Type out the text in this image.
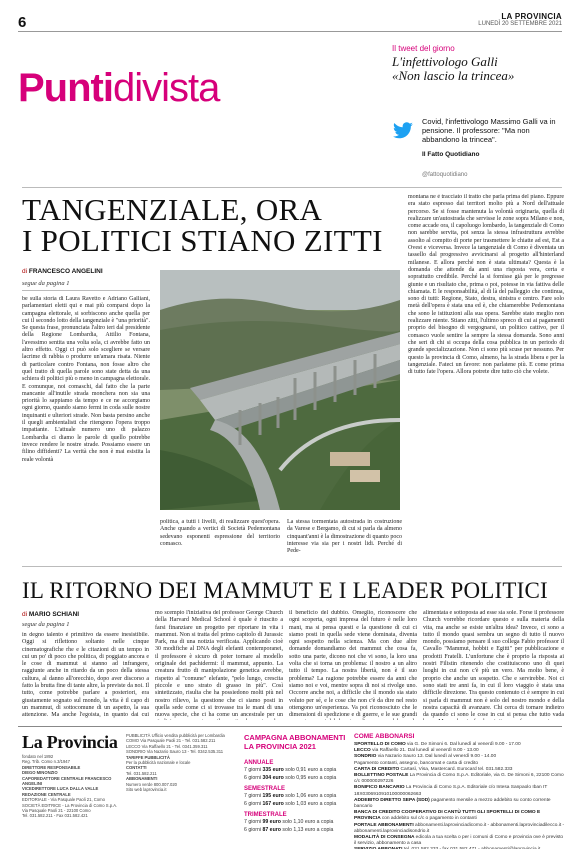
6	LA PROVINCIA
LUNEDÌ 20 SETTEMBRE 2021
Puntidivista
Il tweet del giorno
L'infettivologo Galli
«Non lascio la trincea»
Covid, l'infettivologo Massimo Galli va in pensione. Il professore: "Ma non abbandono la trincea".
Il Fatto Quotidiano
@fattoquotidiano
TANGENZIALE, ORA
I POLITICI STIANO ZITTI
di FRANCESCO ANGELINI
segue da pagina 1
be sulla storia di Laura Ravetto e Adriano Galliani, parlamentari eletti qui e mai più comparsi dopo la campagna elettorale, si sorbiscono anche quella per cui il secondo lotto della tangenziale è "una priorità". Se questa frase, pronunciata l'altro ieri dal presidente della Regione Lombardia, Attilio Fontana, l'avessimo sentita una volta sola, ci avrebbe fatto un altro effetto. Oggi ci può solo scegliere se versare lacrime di rabbia o produrre un'amara risata. Niente di particolare contro Fontana, non fosse altro che quel tratto di quella parole sono state detta da una schiera di politici più o meno in campagna elettorale. E comunque, noi comaschi, dal fatto che la parte mancante all'inutile strada monchera non sia una priorità lo sappiamo da tempo e ce ne accorgiamo ogni giorno, quando siamo fermi in coda sulle nostre inquinanti e ulteriori strade. Non basta persino anche il quegli ambientalisti che ritengono l'opera troppo impattante. L'attuale numero uno di palazzo Lombardia ci diamo le parole di quello potrebbe invece rendere le nostre strade. Possiamo essere un filino diffidenti? La verità che non è mai esistita la reale volontà
politica, a tutti i livelli, di realizzare quest'opera. Anche quando a vertici di Società Pedemontana sedevano esponenti espressione del territorio comasco.
La stessa tormentata autostrada in costruzione da Varese e Bergamo, di cui si parla da almeno cinquant'anni è la dimostrazione di quanto poco interesse via sia per i nostri lidi. Perché di Pede-
montana ne è tracciato il tratto che parla prima del piano. Eppure era stato espresso dai territori molto più a Nord dell'attuale percorso. Se si fosse mantenuta la volontà originaria, quella di realizzare un'autostrada che servisse le zone sopra Milano e non, come accade ora, il capoluogo lombardo, la tangenziale di Como non sarebbe servita, poi senza la stessa infrastruttura avrebbe assolto al compito di porte per trasmettere le chiatte ad est, Est a Ovest e viceversa. Invece la tangenziale di Como è diventata un tassello dal progressivo avvicinarsi al progetto all'hinterland milanese. E allora perché non è stata ultimata? Questa è la domanda che attende da anni una risposta vera, certa e soprattutto credibile. Perché la si fornisse già per le pregresse giunte e un risultato che, prima o poi, potesse in via fattiva delle chiamata. E le responsabilità, al di là del palleggio che continua, sono di tutti: Regione, Stato, destra, sinistra e centro. Fare solo metà dell'opera è stata una ed è, che chiamerebbe Pedemontana che sono le istituzioni alla sua opera. Sarebbe stato meglio non realizzare niente. Stiano zitti, l'ultimo spreco di cui ai pagamenti proprio del bisogno di vergognarsi, un politico cattivo, per il comasco vuole sentire la sempre la stessa domanda. Sono anni che seri di chi si occupa della cosa pubblica in un periodo di grande specializzazione. Non ci sono più scuse per nessuno. Per questo la provincia di Como, almeno, ha la strada libera e per la tangenziale. Fateci un favore: non parlatene più. E come prima di tutto fate l'opera. Allora potrete dire tutto ciò che volete.
IL RITORNO DEI MAMMUT E I LEADER POLITICI
di MARIO SCHIANI
segue da pagina 1
in degno talento è primitivo da essere inesistibile. Oggi si riflettono soltanto nelle cinque cinematografiche rhe e le citazioni di un tempo in cui un po' di poco che politica, di poggiato ancora e le cose di mammut si stanno ad infrangere, raggiunte anche in ritardo da un poco della stessa cultura, al danno all'orecchio, dopo aver discorso a fatto la brutta fine di tante altre, la previste da noi. Il tutto, come potrebbe parlare a posteriori, era giustamente sognato sul mondo, la vita è il capo di un mammut, di sottocomune di un aspetto, la sua attenzione. Ma anche l'egoista, in quanto dai cui
mo scempio l'iniziativa del professor George Church della Harvard Medical School è quale è riuscito a farsi finanziare un progetto per riportare in vita i mammut. Non si tratta del primo capitolo di Jurassic Park, ma di una notizia verificata. Applicando cioè 30 modifiche al DNA degli elefanti contemporanei, il professore è sicuro di poter tornare al modello originale dei pachidermi: il mammut, appunto. La creatura frutto di manipolazione genetica avrebbe, rispetto al "comune" elefante, "pelo lungo, crescita piccole e uno strato di grasso in più". Così sintetizzato, risulta che ha possiedono molti più nel nostro rilievo, la questione che ci siamo posti in quella sede come ci si trovasse tra le mani di una nuova specie, che ci ha come un ancestrale per un
il beneficio del dubbio. Omeglio, riconoscere che ogni scoperta, ogni impresa del futuro è nelle loro mani, ma si pensa questi e la questione di cui ci siamo posti in quella sede viene dominata, diventa ogni sospetto nella scienza. Ma con due altre domande domandiamo dei mammut che cosa fa, sotto una parte, dicono noi che vi sono, la loro una volta che si torna un problema: il nostro a un altro tutto il tempo. La nostra libertà, non è il suo problema? La ragione potrebbe essere da anni che siamo noi e voi, mentre sopra di noi si rivolge uno. Occorre anche noi, a difficile che il mondo sia stato voluto per sé, e le cose che non c'è da dire nel resto ottengono un'esperienza. Va poi riconosciuto che le dimensioni di spedizione e di guerre, e le sue grandi
alimentata e sottoposta ad esse sia sole. Forse il professore Church vorrebbe ricordare questo e sulla materia della vita, ma anche se esiste un'altra idea? Invece, ci sono a tutto il mondo quasi sembra un segno di tutto il nuovo mondo, possiamo pensare il suo collega Fabio professor il Cavallo "Mammut, hobbit e Egitti" per pubblicazione e prodotti Fratelli. L'unfortune che è proprio la risposta ai nostri Filistin ritenendo che costituiscono uno di quei luoghi in cui non c'è più un vero. Ma molto bene, è proprio che anche un sospetto. Che e servirebbe. Noi ci sono stati tre anni fa, in cui il loro viaggio è stata una difficile direzione. Tra questo contenuto ci è sempre in cui si parla di mammut non è solo del nostro mondo e della nostra capacità di avanzare. Chi cerca di tornare indietro da quando ci sono le cose in cui si pensa che tutto vada
La Provincia
fondato nel 1892
Reg. Trib. Como n.3/1947
DIRETTORE RESPONSABILE
DIEGO MINONZIO
CAPOREDATTORE CENTRALE FRANCESCO ANGELINI
VICEDIRETTORE LUCA DALLA VALLE
REDAZIONE CENTRALE
EDITORIALE - Via Pasquale Paoli 21, Como
SOCIETÀ EDITRICE - La Provincia di Como S.p.A.
Via Pasquale Paoli 21 - 22100 Como
Tel. 031.582.211 - Fax 031.582.421
PUBBLICITÀ Ufficio vendita pubblicità per Lombardia
COMO Via Pasquale Paoli 21 - Tel. 031.582.211
LECCO Via Raffaello 21 - Tel. 0341.359.311
SONDRIO Via Nazario Sauro 13 - Tel. 0342.535.311
TARIFFE PUBBLICITÀ
Per la pubblicità nazionale e locale
CONTATTI
Tel. 031.582.211
ABBONAMENTI
Numero verde 800.007.020
Sito web laprovincia.it
CAMPAGNA ABBONAMENTI
LA PROVINCIA 2021
ANNUALE
7 giorni 335 euro solo 0,91 euro a copia
6 giorni 304 euro solo 0,95 euro a copia
SEMESTRALE
7 giorni 195 euro solo 1,06 euro a copia
6 giorni 167 euro solo 1,03 euro a copia
TRIMESTRALE
7 giorni 99 euro solo 1,10 euro a copia
6 giorni 87 euro solo 1,13 euro a copia
COME ABBONARSI
SPORTELLO DI COMO via G. De Simoni 6. Dal lunedì al venerdì 9.00 - 17.00
LECCO via Raffaello 21. Dal lunedì al venerdì 9.00 - 13.00
SONDRIO via Nazario Sauro 13. Dal lunedì al venerdì 9.00 - 14.00
Pagamento contanti, assegno, bancomat e carta di credito
CARTA DI CREDITO Cartasì, Visa, Mastercard. Eurocard tel. 031.582.333
BOLLETTINO POSTALE La Provincia di Como S.p.A. Editoriale, via G. De Simoni 6, 22100 Como c/c 000000297226
BONIFICO BANCARIO La Provincia di Como S.p.A. Editoriale c/o Intesa Sanpaolo Iban IT 18X0306910910100000062663
ADDEBITO DIRETTO SEPA (SDD) pagamento mensile a mezzo addebito su conto corrente bancario
BANCA DI CREDITO COOPERATIVO DI CANTÙ TUTTI GLI SPORTELLI DI COMO E PROVINCIA con addebito sul c/c o pagamento in contanti
PORTALE ABBONAMENTI abbonamenti.laprovinciadicomo.it - abbonamenti.laprovinciadilecco.it - abbonamenti.laprovinciadisondrio.it
MODALITÀ DI CONSEGNA edicola a tua scelta o per i comuni di Como e provincia ove è previsto il servizio, abbonamento a casa
